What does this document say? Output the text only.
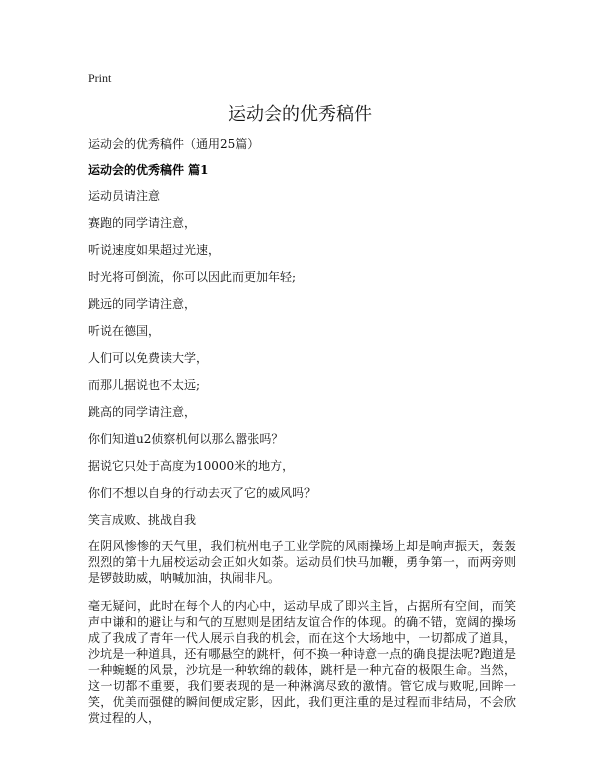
Print
运动会的优秀稿件
运动会的优秀稿件（通用25篇）
运动会的优秀稿件 篇1
运动员请注意
赛跑的同学请注意，
听说速度如果超过光速，
时光将可倒流，你可以因此而更加年轻;
跳远的同学请注意，
听说在德国，
人们可以免费读大学，
而那儿据说也不太远;
跳高的同学请注意，
你们知道u2侦察机何以那么嚣张吗？
据说它只处于高度为10000米的地方，
你们不想以自身的行动去灭了它的威风吗？
笑言成败、挑战自我
在阴风惨惨的天气里，我们杭州电子工业学院的风雨操场上却是响声振天，轰轰烈烈的第十九届校运动会正如火如荼。运动员们快马加鞭，勇争第一，而两旁则是锣鼓助威，呐喊加油，执闹非凡。
毫无疑问，此时在每个人的内心中，运动早成了即兴主旨，占据所有空间，而笑声中谦和的避让与和气的互慰则是团结友谊合作的体现。的确不错，宽阔的操场成了我成了青年一代人展示自我的机会，而在这个大场地中，一切都成了道具，沙坑是一种道具，还有哪悬空的跳杆，何不换一种诗意一点的确良提法呢?跑道是一种蜿蜒的风景，沙坑是一种软绵的载体，跳杆是一种亢奋的极限生命。当然，这一切都不重要，我们要表现的是一种淋漓尽致的激情。管它成与败呢,回眸一笑，优美而强健的瞬间便成定影，因此，我们更注重的是过程而非结局，不会欣赏过程的人，
